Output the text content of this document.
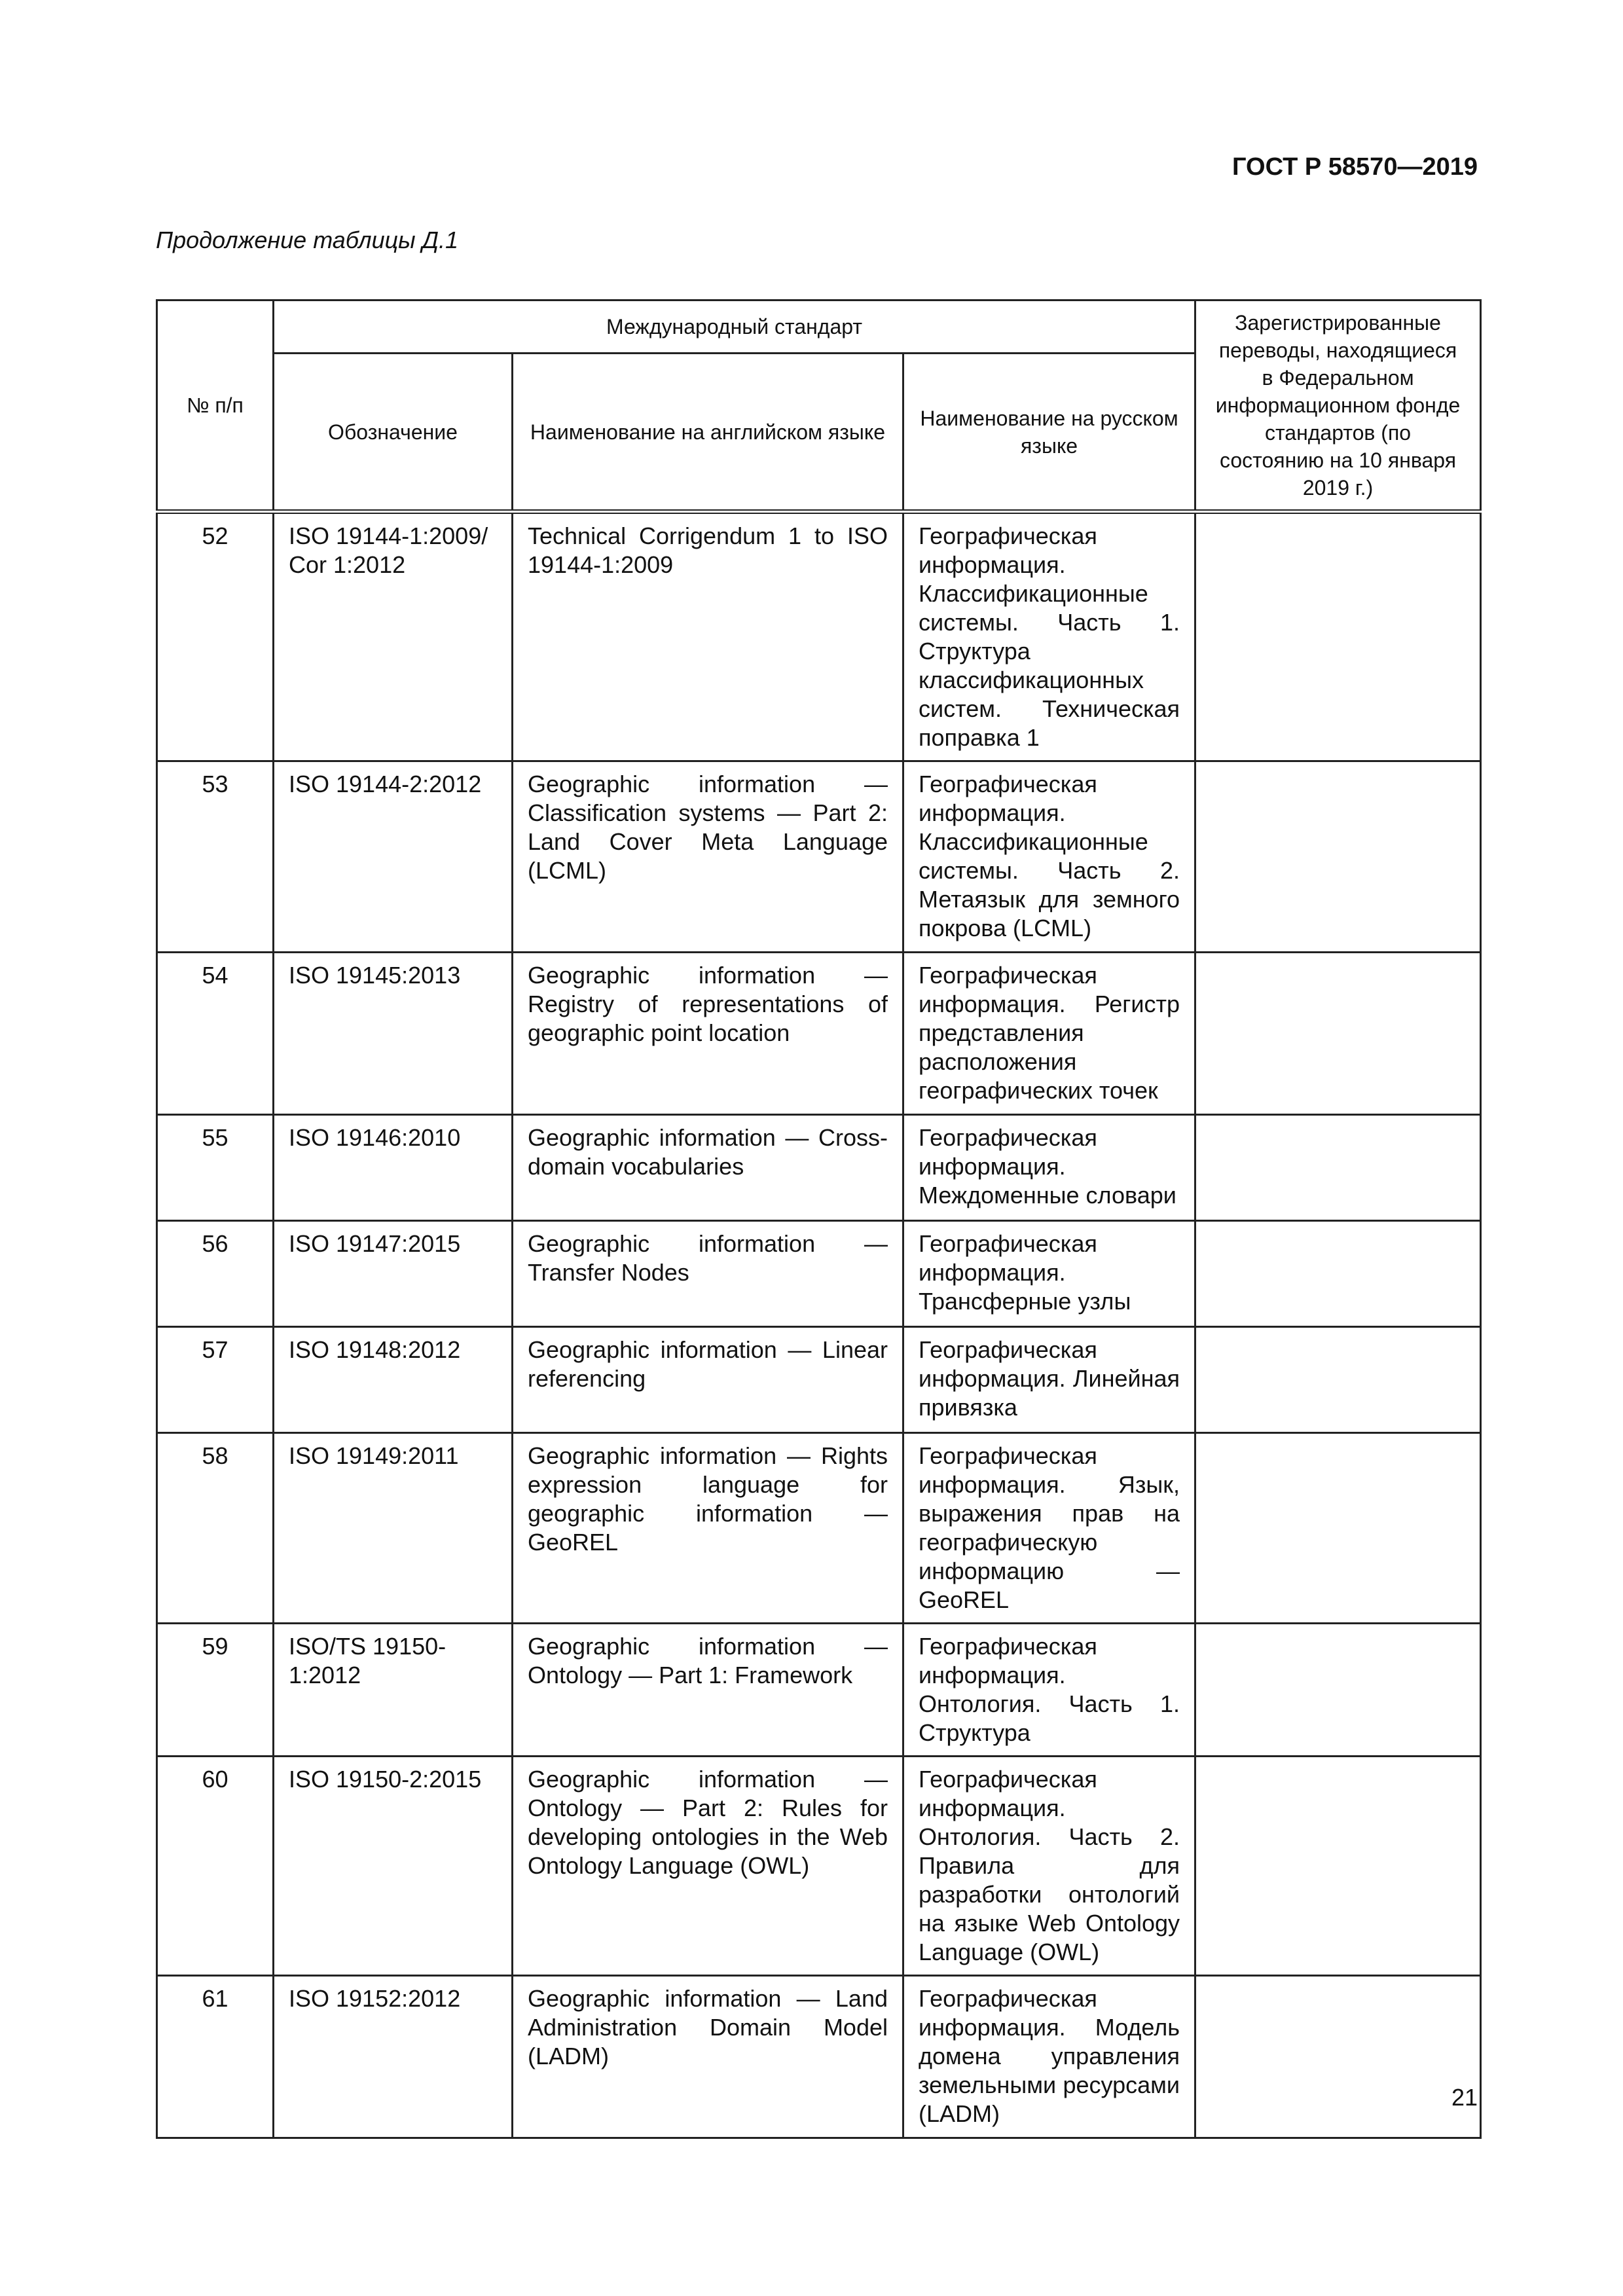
ГОСТ Р 58570—2019
Продолжение таблицы Д.1
№ п/п	Международный стандарт			Зарегистрированные переводы, находящиеся в Федеральном информационном фонде стандартов (по состоянию на 10 января 2019 г.)
	Обозначение	Наименование на английском языке	Наименование на русском языке	
52	ISO 19144-1:2009/ Cor 1:2012	Technical Corrigendum 1 to ISO 19144-1:2009	Географическая информация. Классификационные системы. Часть 1. Структура классификационных систем. Техническая поправка 1	
53	ISO 19144-2:2012	Geographic information — Classification systems — Part 2: Land Cover Meta Language (LCML)	Географическая информация. Классификационные системы. Часть 2. Метаязык для земного покрова (LCML)	
54	ISO 19145:2013	Geographic information — Registry of representations of geographic point location	Географическая информация. Регистр представления расположения географических точек	
55	ISO 19146:2010	Geographic information — Cross-domain vocabularies	Географическая информация. Междоменные словари	
56	ISO 19147:2015	Geographic information — Transfer Nodes	Географическая информация. Трансферные узлы	
57	ISO 19148:2012	Geographic information — Linear referencing	Географическая информация. Линейная привязка	
58	ISO 19149:2011	Geographic information — Rights expression language for geographic information — GeoREL	Географическая информация. Язык, выражения прав на географическую информацию — GeoREL	
59	ISO/TS 19150-1:2012	Geographic information — Ontology — Part 1: Framework	Географическая информация. Онтология. Часть 1. Структура	
60	ISO 19150-2:2015	Geographic information — Ontology — Part 2: Rules for developing ontologies in the Web Ontology Language (OWL)	Географическая информация. Онтология. Часть 2. Правила для разработки онтологий на языке Web Ontology Language (OWL)	
61	ISO 19152:2012	Geographic information — Land Administration Domain Model (LADM)	Географическая информация. Модель домена управления земельными ресурсами (LADM)	
21
